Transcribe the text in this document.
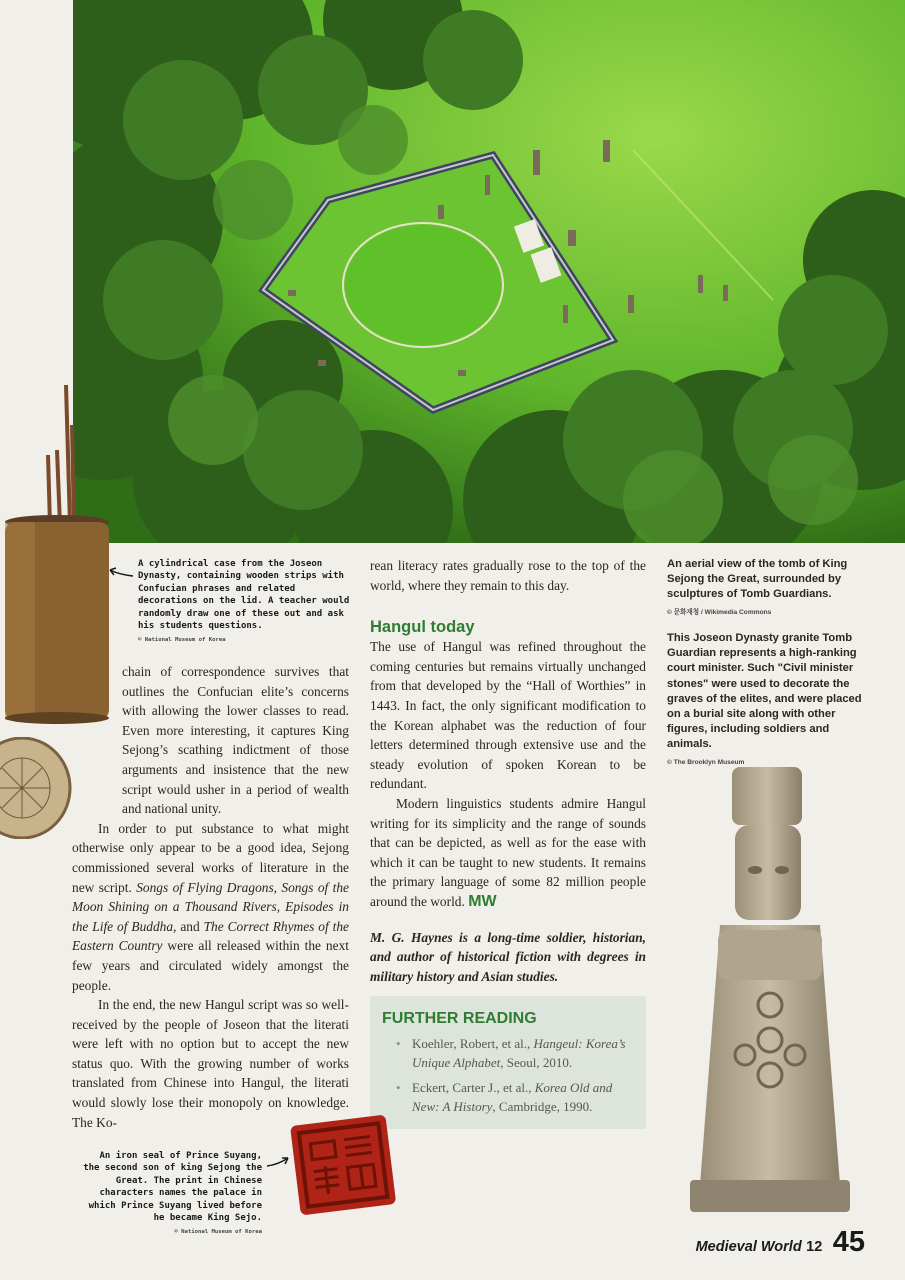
A cylindrical case from the Joseon Dynasty, containing wooden strips with Confucian phrases and related decorations on the lid. A teacher would randomly draw one of these out and ask his students questions.
© National Museum of Korea

chain of correspondence survives that outlines the Confucian elite’s concerns with allowing the lower classes to read. Even more interesting, it captures King Sejong’s scathing indictment of those arguments and insistence that the new script would usher in a period of wealth and national unity.

In order to put substance to what might otherwise only appear to be a good idea, Sejong commissioned several works of literature in the new script. Songs of Flying Dragons, Songs of the Moon Shining on a Thousand Rivers, Episodes in the Life of Buddha, and The Correct Rhymes of the Eastern Country were all released within the next few years and circulated widely amongst the people.

In the end, the new Hangul script was so well-received by the people of Joseon that the literati were left with no option but to accept the new status quo. With the growing number of works translated from Chinese into Hangul, the literati would slowly lose their monopoly on knowledge. The Ko-

rean literacy rates gradually rose to the top of the world, where they remain to this day.

Hangul today

The use of Hangul was refined throughout the coming centuries but remains virtually unchanged from that developed by the “Hall of Worthies” in 1443. In fact, the only significant modification to the Korean alphabet was the reduction of four letters determined through extensive use and the steady evolution of spoken Korean to be redundant.

Modern linguistics students admire Hangul writing for its simplicity and the range of sounds that can be depicted, as well as for the ease with which it can be taught to new students. It remains the primary language of some 82 million people around the world. MW

M. G. Haynes is a long-time soldier, historian, and author of historical fiction with degrees in military history and Asian studies.

FURTHER READING
• Koehler, Robert, et al., Hangeul: Korea’s Unique Alphabet, Seoul, 2010.
• Eckert, Carter J., et al., Korea Old and New: A History, Cambridge, 1990.
An aerial view of the tomb of King Sejong the Great, surrounded by sculptures of Tomb Guardians.
© 문화재청 / Wikimedia Commons
This Joseon Dynasty granite Tomb Guardian represents a high-ranking court minister. Such "Civil minister stones" were used to decorate the graves of the elites, and were placed on a burial site along with other figures, including soldiers and animals.
© The Brooklyn Museum
An iron seal of Prince Suyang, the second son of king Sejong the Great. The print in Chinese characters names the palace in which Prince Suyang lived before he became King Sejo.
© National Museum of Korea
Medieval World 12 45
